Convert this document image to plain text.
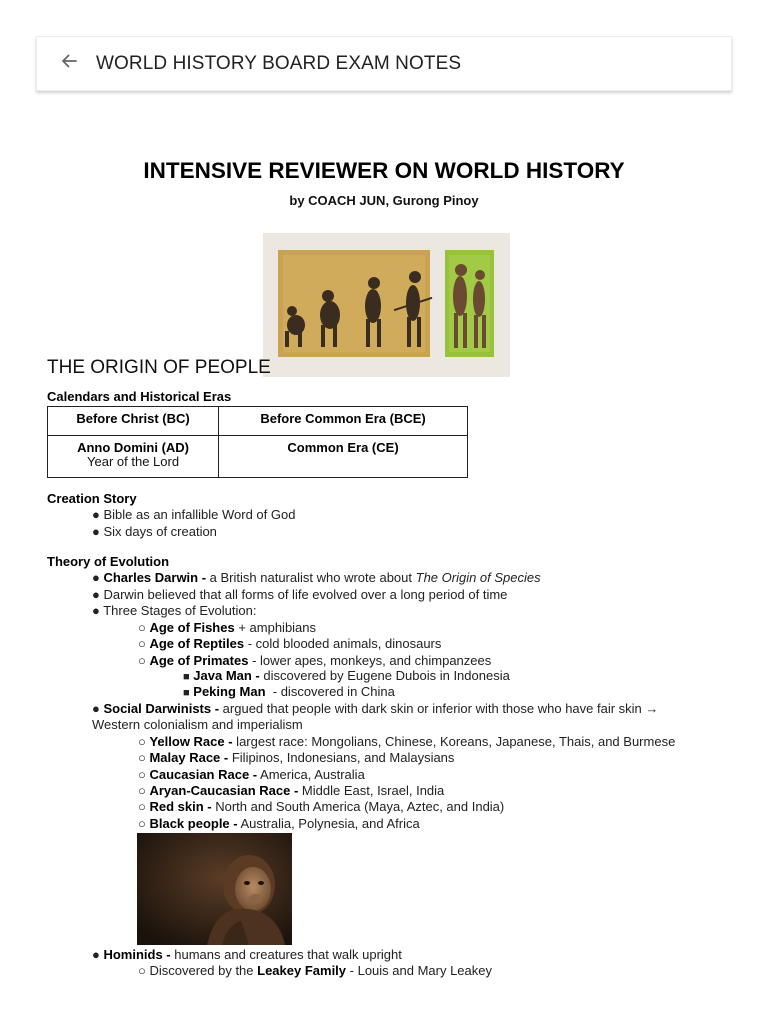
WORLD HISTORY BOARD EXAM NOTES
INTENSIVE REVIEWER ON WORLD HISTORY
by COACH JUN, Gurong Pinoy
THE ORIGIN OF PEOPLE
Calendars and Historical Eras
Before Christ (BC)	Before Common Era (BCE)

Anno Domini (AD)
Year of the Lord	Common Era (CE)
Creation Story
● Bible as an infallible Word of God
● Six days of creation
Theory of Evolution
● Charles Darwin - a British naturalist who wrote about The Origin of Species
● Darwin believed that all forms of life evolved over a long period of time
● Three Stages of Evolution:
○ Age of Fishes + amphibians
○ Age of Reptiles - cold blooded animals, dinosaurs
○ Age of Primates - lower apes, monkeys, and chimpanzees
■ Java Man - discovered by Eugene Dubois in Indonesia
■ Peking Man  - discovered in China
● Social Darwinists - argued that people with dark skin or inferior with those who have fair skin →
Western colonialism and imperialism
○ Yellow Race - largest race: Mongolians, Chinese, Koreans, Japanese, Thais, and Burmese
○ Malay Race - Filipinos, Indonesians, and Malaysians
○ Caucasian Race - America, Australia
○ Aryan-Caucasian Race - Middle East, Israel, India
○ Red skin - North and South America (Maya, Aztec, and India)
○ Black people - Australia, Polynesia, and Africa
● Hominids - humans and creatures that walk upright
○ Discovered by the Leakey Family - Louis and Mary Leakey
